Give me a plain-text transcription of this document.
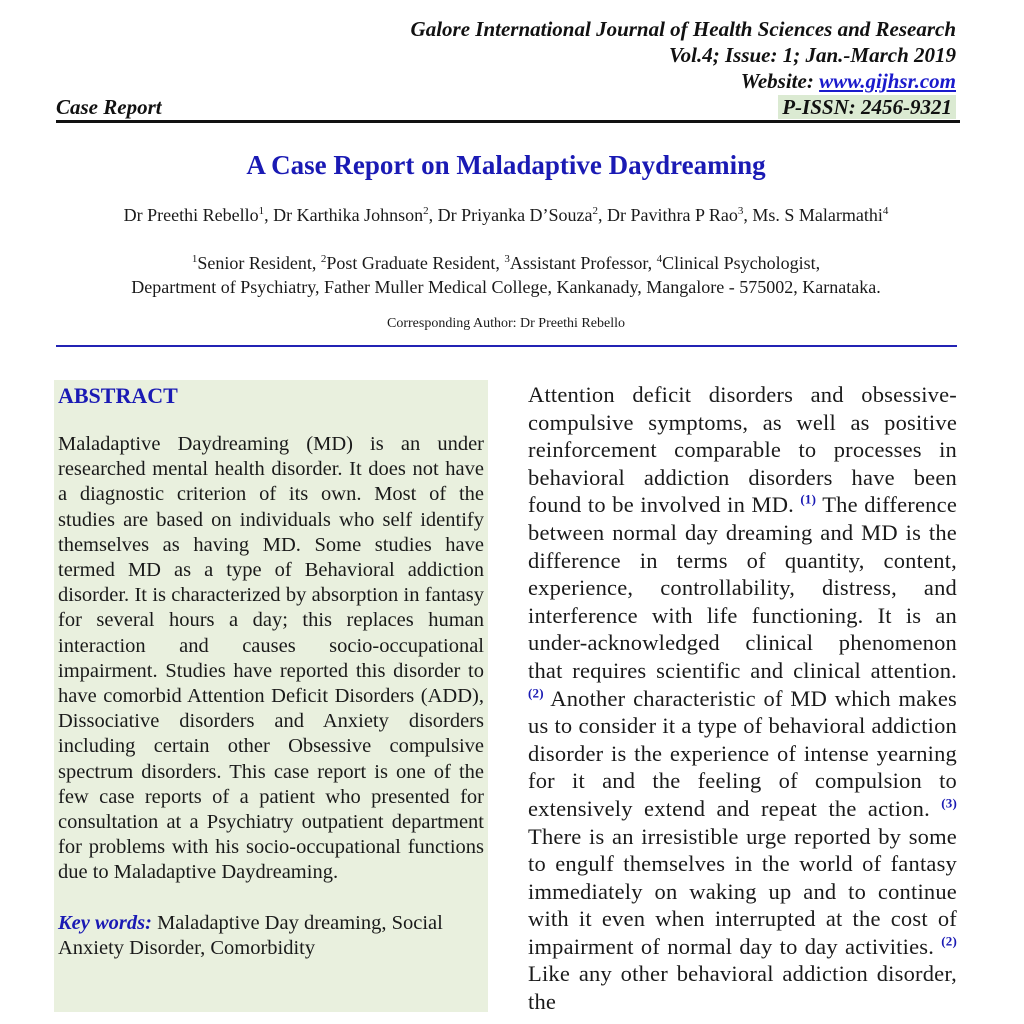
Galore International Journal of Health Sciences and Research
Vol.4; Issue: 1; Jan.-March 2019
Website: www.gijhsr.com
P-ISSN: 2456-9321
Case Report
A Case Report on Maladaptive Daydreaming
Dr Preethi Rebello$^1$, Dr Karthika Johnson$^2$, Dr Priyanka D’Souza$^2$, Dr Pavithra P Rao$^3$, Ms. S Malarmathi$^4$
$^1$Senior Resident, $^2$Post Graduate Resident, $^3$Assistant Professor, $^4$Clinical Psychologist,
Department of Psychiatry, Father Muller Medical College, Kankanady, Mangalore - 575002, Karnataka.
Corresponding Author: Dr Preethi Rebello
ABSTRACT

Maladaptive Daydreaming (MD) is an under researched mental health disorder. It does not have a diagnostic criterion of its own. Most of the studies are based on individuals who self identify themselves as having MD. Some studies have termed MD as a type of Behavioral addiction disorder. It is characterized by absorption in fantasy for several hours a day; this replaces human interaction and causes socio-occupational impairment. Studies have reported this disorder to have comorbid Attention Deficit Disorders (ADD), Dissociative disorders and Anxiety disorders including certain other Obsessive compulsive spectrum disorders. This case report is one of the few case reports of a patient who presented for consultation at a Psychiatry outpatient department for problems with his socio-occupational functions due to Maladaptive Daydreaming.

Key words: Maladaptive Day dreaming, Social Anxiety Disorder, Comorbidity

Attention deficit disorders and obsessive-compulsive symptoms, as well as positive reinforcement comparable to processes in behavioral addiction disorders have been found to be involved in MD. $^{(1)}$ The difference between normal day dreaming and MD is the difference in terms of quantity, content, experience, controllability, distress, and interference with life functioning. It is an under-acknowledged clinical phenomenon that requires scientific and clinical attention. $^{(2)}$ Another characteristic of MD which makes us to consider it a type of behavioral addiction disorder is the experience of intense yearning for it and the feeling of compulsion to extensively extend and repeat the action. $^{(3)}$ There is an irresistible urge reported by some to engulf themselves in the world of fantasy immediately on waking up and to continue with it even when interrupted at the cost of impairment of normal day to day activities. $^{(2)}$ Like any other behavioral addiction disorder, the
